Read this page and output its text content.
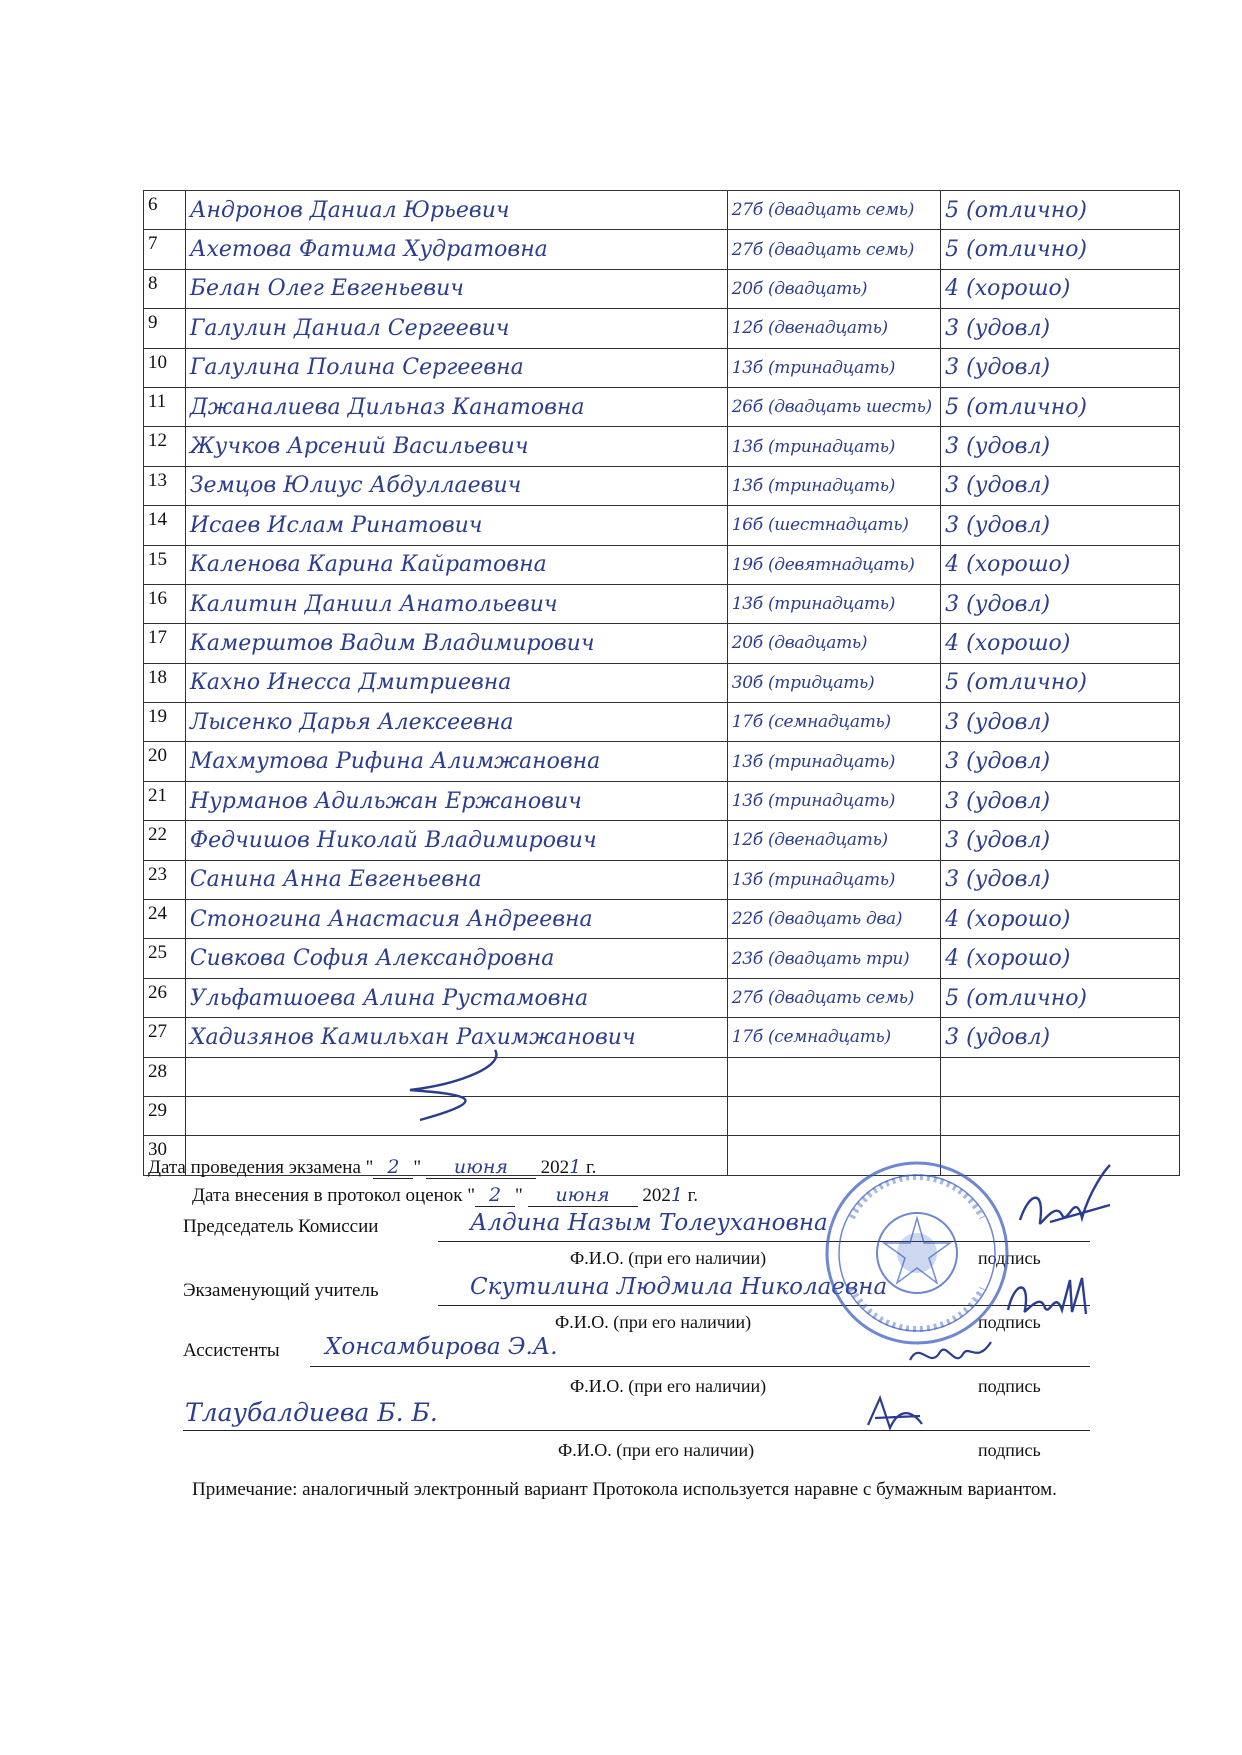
6	Андронов Даниал Юрьевич	27б (двадцать семь)	5 (отлично)
7	Ахетова Фатима Худратовна	27б (двадцать семь)	5 (отлично)
8	Белан Олег Евгеньевич	20б (двадцать)	4 (хорошо)
9	Галулин Даниал Сергеевич	12б (двенадцать)	3 (удовл)
10	Галулина Полина Сергеевна	13б (тринадцать)	3 (удовл)
11	Джаналиева Дильназ Канатовна	26б (двадцать шесть)	5 (отлично)
12	Жучков Арсений Васильевич	13б (тринадцать)	3 (удовл)
13	Земцов Юлиус Абдуллаевич	13б (тринадцать)	3 (удовл)
14	Исаев Ислам Ринатович	16б (шестнадцать)	3 (удовл)
15	Каленова Карина Кайратовна	19б (девятнадцать)	4 (хорошо)
16	Калитин Даниил Анатольевич	13б (тринадцать)	3 (удовл)
17	Камерштов Вадим Владимирович	20б (двадцать)	4 (хорошо)
18	Кахно Инесса Дмитриевна	30б (тридцать)	5 (отлично)
19	Лысенко Дарья Алексеевна	17б (семнадцать)	3 (удовл)
20	Махмутова Рифина Алимжановна	13б (тринадцать)	3 (удовл)
21	Нурманов Адильжан Ержанович	13б (тринадцать)	3 (удовл)
22	Федчишов Николай Владимирович	12б (двенадцать)	3 (удовл)
23	Санина Анна Евгеньевна	13б (тринадцать)	3 (удовл)
24	Стоногина Анастасия Андреевна	22б (двадцать два)	4 (хорошо)
25	Сивкова София Александровна	23б (двадцать три)	4 (хорошо)
26	Ульфатшоева Алина Рустамовна	27б (двадцать семь)	5 (отлично)
27	Хадизянов Камильхан Рахимжанович	17б (семнадцать)	3 (удовл)
28			
29			
30			
Дата проведения экзамена " 2 " июня 2021 г.
Дата внесения в протокол оценок " 2 " июня 2021 г.
Председатель Комиссии	Алдина Назым Толеухановна
Ф.И.О. (при его наличии)	подпись
Экзаменующий учитель	Скутилина Людмила Николаевна
Ф.И.О. (при его наличии)	подпись
Ассистенты Хонсамбирова Э.А.
Ф.И.О. (при его наличии)	подпись
Тлаубалдиева Б. Б.
Ф.И.О. (при его наличии)	подпись
Примечание: аналогичный электронный вариант Протокола используется наравне с бумажным вариантом.
